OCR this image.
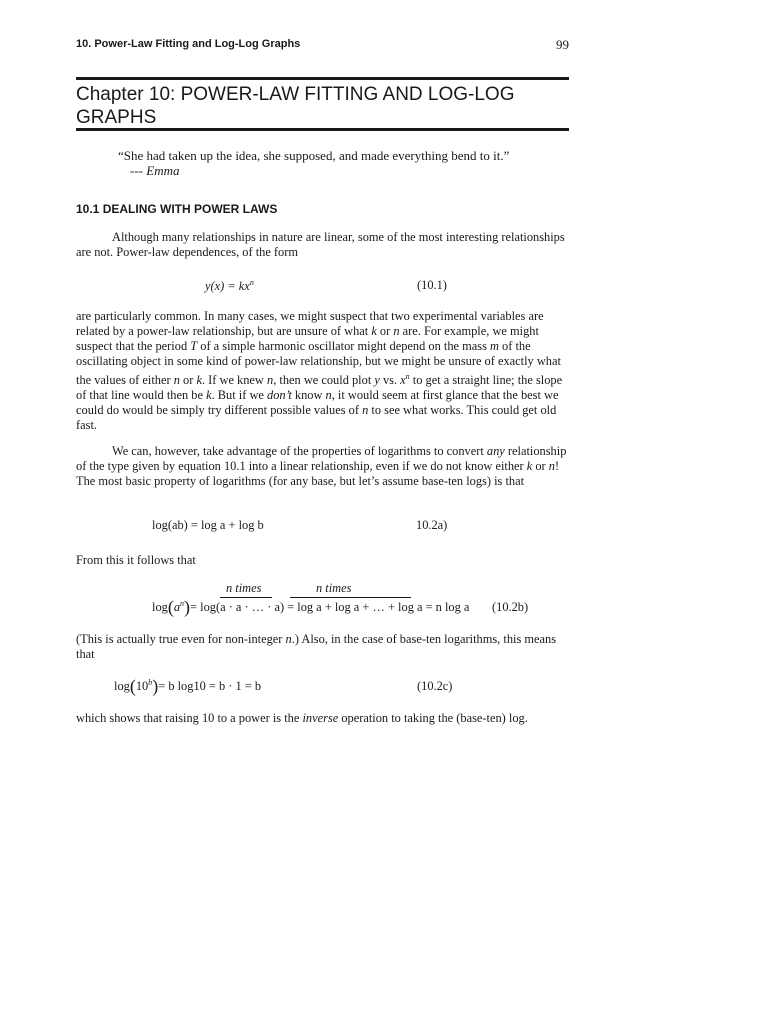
10. Power-Law Fitting and Log-Log Graphs	99
Chapter 10: POWER-LAW FITTING AND LOG-LOG GRAPHS
“She had taken up the idea, she supposed, and made everything bend to it.”
--- Emma
10.1 DEALING WITH POWER LAWS

Although many relationships in nature are linear, some of the most interesting relationships are not. Power-law dependences, of the form

$y(x) = kx^n$	(10.1)

are particularly common. In many cases, we might suspect that two experimental variables are related by a power-law relationship, but are unsure of what k or n are. For example, we might suspect that the period T of a simple harmonic oscillator might depend on the mass m of the oscillating object in some kind of power-law relationship, but we might be unsure of exactly what the values of either n or k. If we knew n, then we could plot y vs. $x^n$ to get a straight line; the slope of that line would then be k. But if we don’t know n, it would seem at first glance that the best we could do would be simply try different possible values of n to see what works. This could get old fast.

We can, however, take advantage of the properties of logarithms to convert any relationship of the type given by equation 10.1 into a linear relationship, even if we do not know either k or n! The most basic property of logarithms (for any base, but let’s assume base-ten logs) is that

log(ab) = log a + log b	10.2a)

From this it follows that

n times	n times
$\log(a^n)= \log(a \cdot a$ · … · a) = log a + log a + … + log a = n log a (10.2b)

(This is actually true even for non-integer n.) Also, in the case of base-ten logarithms, this means that

$\log(10^b)= b$ log10 = b · 1 = b	(10.2c)

which shows that raising 10 to a power is the inverse operation to taking the (base-ten) log.
